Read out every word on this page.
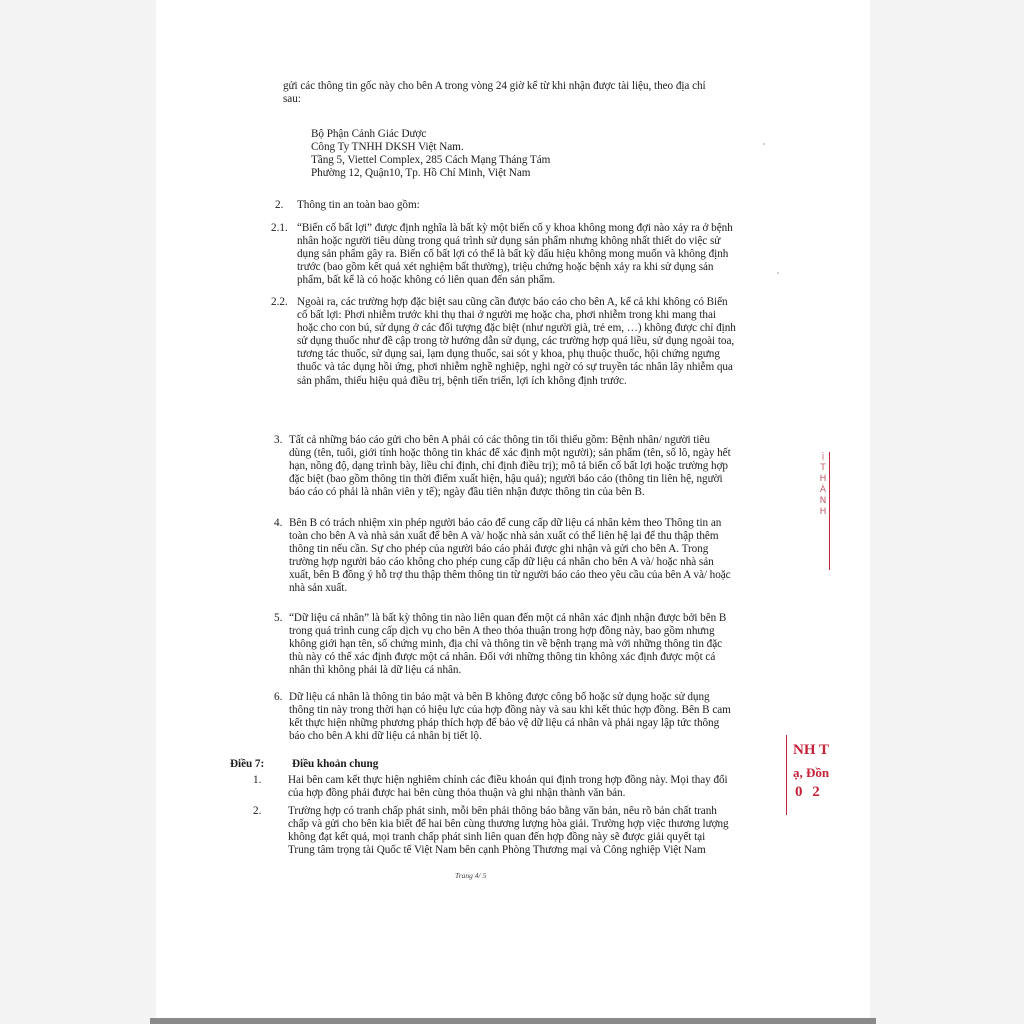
gửi các thông tin gốc này cho bên A trong vòng 24 giờ kể từ khi nhận được tài liệu, theo địa chỉ
sau:
Bộ Phận Cảnh Giác Dược
Công Ty TNHH DKSH Việt Nam.
Tầng 5, Viettel Complex, 285 Cách Mạng Tháng Tám
Phường 12, Quận10, Tp. Hồ Chí Minh, Việt Nam
2. Thông tin an toàn bao gồm:
2.1. “Biến cố bất lợi” được định nghĩa là bất kỳ một biến cố y khoa không mong đợi nào xảy ra ở bệnh
nhân hoặc người tiêu dùng trong quá trình sử dụng sản phẩm nhưng không nhất thiết do việc sử
dụng sản phẩm gây ra. Biến cố bất lợi có thể là bất kỳ dấu hiệu không mong muốn và không định
trước (bao gồm kết quả xét nghiệm bất thường), triệu chứng hoặc bệnh xảy ra khi sử dụng sản
phẩm, bất kể là có hoặc không có liên quan đến sản phẩm.
2.2. Ngoài ra, các trường hợp đặc biệt sau cũng cần được báo cáo cho bên A, kể cả khi không có Biến
cố bất lợi: Phơi nhiễm trước khi thụ thai ở người mẹ hoặc cha, phơi nhiễm trong khi mang thai
hoặc cho con bú, sử dụng ở các đối tượng đặc biệt (như người già, trẻ em, …) không được chỉ định
sử dụng thuốc như đề cập trong tờ hướng dẫn sử dụng, các trường hợp quá liều, sử dụng ngoài toa,
tương tác thuốc, sử dụng sai, lạm dụng thuốc, sai sót y khoa, phụ thuộc thuốc, hội chứng ngưng
thuốc và tác dụng hồi ứng, phơi nhiễm nghề nghiệp, nghi ngờ có sự truyền tác nhân lây nhiễm qua
sản phẩm, thiếu hiệu quả điều trị, bệnh tiến triển, lợi ích không định trước.
3. Tất cả những báo cáo gửi cho bên A phải có các thông tin tối thiểu gồm: Bệnh nhân/ người tiêu
dùng (tên, tuổi, giới tính hoặc thông tin khác để xác định một người); sản phẩm (tên, số lô, ngày hết
hạn, nồng độ, dạng trình bày, liều chỉ định, chỉ định điều trị); mô tả biến cố bất lợi hoặc trường hợp
đặc biệt (bao gồm thông tin thời điểm xuất hiện, hậu quả); người báo cáo (thông tin liên hệ, người
báo cáo có phải là nhân viên y tế); ngày đầu tiên nhận được thông tin của bên B.
4. Bên B có trách nhiệm xin phép người báo cáo để cung cấp dữ liệu cá nhân kèm theo Thông tin an
toàn cho bên A và nhà sản xuất để bên A và/ hoặc nhà sản xuất có thể liên hệ lại để thu thập thêm
thông tin nếu cần. Sự cho phép của người báo cáo phải được ghi nhận và gửi cho bên A. Trong
trường hợp người báo cáo không cho phép cung cấp dữ liệu cá nhân cho bên A và/ hoặc nhà sản
xuất, bên B đồng ý hỗ trợ thu thập thêm thông tin từ người báo cáo theo yêu cầu của bên A và/ hoặc
nhà sản xuất.
5. “Dữ liệu cá nhân” là bất kỳ thông tin nào liên quan đến một cá nhân xác định nhận được bởi bên B
trong quá trình cung cấp dịch vụ cho bên A theo thỏa thuận trong hợp đồng này, bao gồm nhưng
không giới hạn tên, số chứng minh, địa chỉ và thông tin về bệnh trạng mà với những thông tin đặc
thù này có thể xác định được một cá nhân. Đối với những thông tin không xác định được một cá
nhân thì không phải là dữ liệu cá nhân.
6. Dữ liệu cá nhân là thông tin bảo mật và bên B không được công bố hoặc sử dụng hoặc sử dụng
thông tin này trong thời hạn có hiệu lực của hợp đồng này và sau khi kết thúc hợp đồng. Bên B cam
kết thực hiện những phương pháp thích hợp để bảo vệ dữ liệu cá nhân và phải ngay lập tức thông
báo cho bên A khi dữ liệu cá nhân bị tiết lộ.
Điều 7: Điều khoản chung
1. Hai bên cam kết thực hiện nghiêm chỉnh các điều khoản qui định trong hợp đồng này. Mọi thay đổi
của hợp đồng phải được hai bên cùng thỏa thuận và ghi nhận thành văn bản.
2. Trường hợp có tranh chấp phát sinh, mỗi bên phải thông báo bằng văn bản, nêu rõ bản chất tranh
chấp và gửi cho bên kia biết để hai bên cùng thương lượng hòa giải. Trường hợp việc thương lượng
không đạt kết quả, mọi tranh chấp phát sinh liên quan đến hợp đồng này sẽ được giải quyết tại
Trung tâm trọng tài Quốc tế Việt Nam bên cạnh Phòng Thương mại và Công nghiệp Việt Nam
Trang 4/ 5
ị
T
H
À
N
H
NH T
ạ, Đồn
0 2
